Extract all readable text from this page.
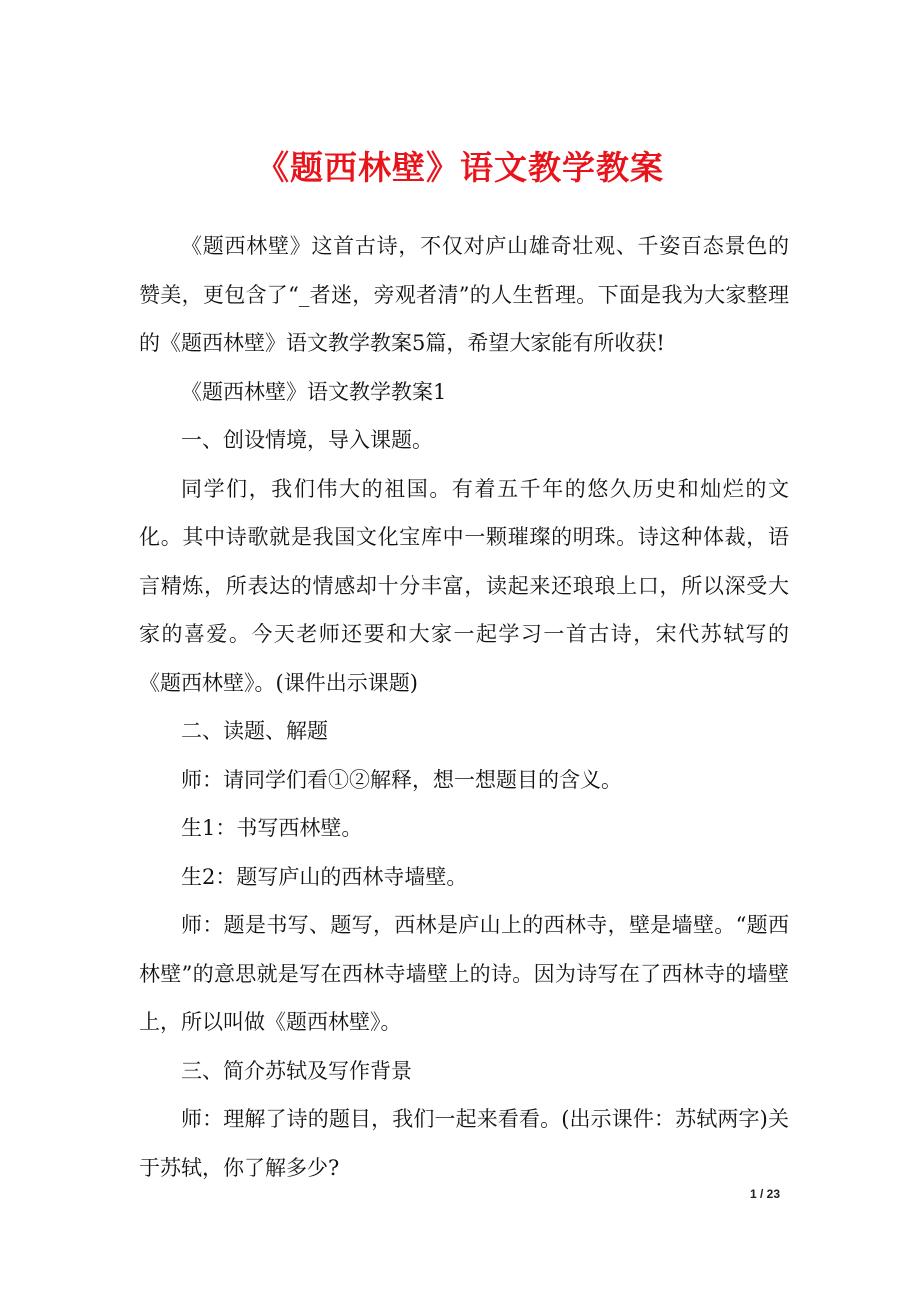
《题西林壁》语文教学教案

《题西林壁》这首古诗，不仅对庐山雄奇壮观、千姿百态景色的赞美，更包含了“_者迷，旁观者清”的人生哲理。下面是我为大家整理的《题西林壁》语文教学教案5篇，希望大家能有所收获!

《题西林壁》语文教学教案1

一、创设情境，导入课题。

同学们，我们伟大的祖国。有着五千年的悠久历史和灿烂的文化。其中诗歌就是我国文化宝库中一颗璀璨的明珠。诗这种体裁，语言精炼，所表达的情感却十分丰富，读起来还琅琅上口，所以深受大家的喜爱。今天老师还要和大家一起学习一首古诗，宋代苏轼写的《题西林壁》。(课件出示课题)

二、读题、解题

师：请同学们看①②解释，想一想题目的含义。

生1：书写西林壁。

生2：题写庐山的西林寺墙壁。

师：题是书写、题写，西林是庐山上的西林寺，壁是墙壁。“题西林壁”的意思就是写在西林寺墙壁上的诗。因为诗写在了西林寺的墙壁上，所以叫做《题西林壁》。

三、简介苏轼及写作背景

师：理解了诗的题目，我们一起来看看。(出示课件：苏轼两字)关于苏轼，你了解多少?

1 / 23
